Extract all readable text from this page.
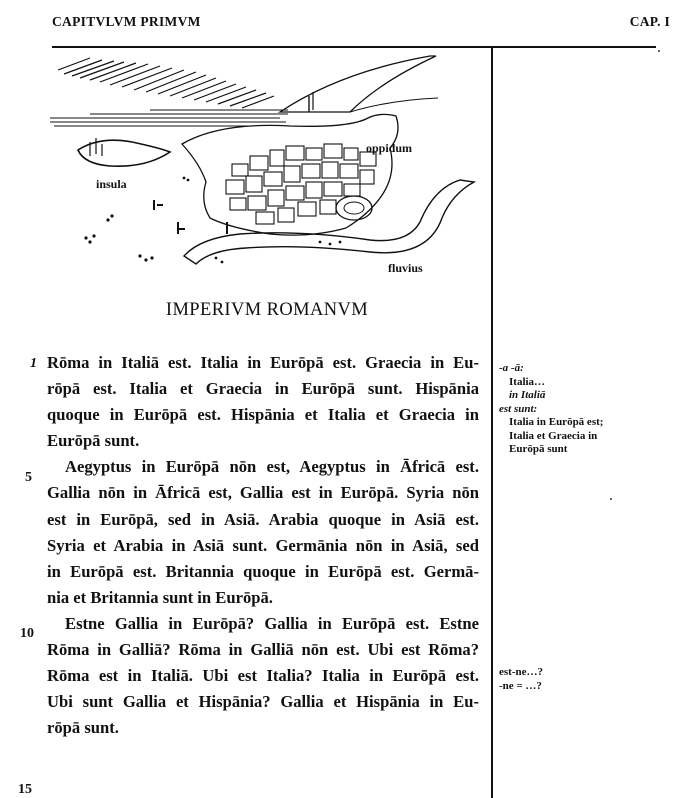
CAPITVLVM PRIMVM	CAP. I
insula
oppidum
fluvius
IMPERIVM ROMANVM
1
5
10
15
Rōma in Italiā est. Italia in Eurōpā est. Graecia in Eu-
rōpā est. Italia et Graecia in Eurōpā sunt. Hispānia
quoque in Eurōpā est. Hispānia et Italia et Graecia in
Eurōpā sunt.
Aegyptus in Eurōpā nōn est, Aegyptus in Āfricā est.
Gallia nōn in Āfricā est, Gallia est in Eurōpā. Syria nōn
est in Eurōpā, sed in Asiā. Arabia quoque in Asiā est.
Syria et Arabia in Asiā sunt. Germānia nōn in Asiā, sed
in Eurōpā est. Britannia quoque in Eurōpā est. Germā-
nia et Britannia sunt in Eurōpā.
Estne Gallia in Eurōpā? Gallia in Eurōpā est. Estne
Rōma in Galliā? Rōma in Galliā nōn est. Ubi est Rōma?
Rōma est in Italiā. Ubi est Italia? Italia in Eurōpā est.
Ubi sunt Gallia et Hispānia? Gallia et Hispānia in Eu-
rōpā sunt.
-a -ā:
Italia…
in Italiā
est sunt:
Italia in Eurōpā est;
Italia et Graecia in
Eurōpā sunt
est-ne…?
-ne = …?
